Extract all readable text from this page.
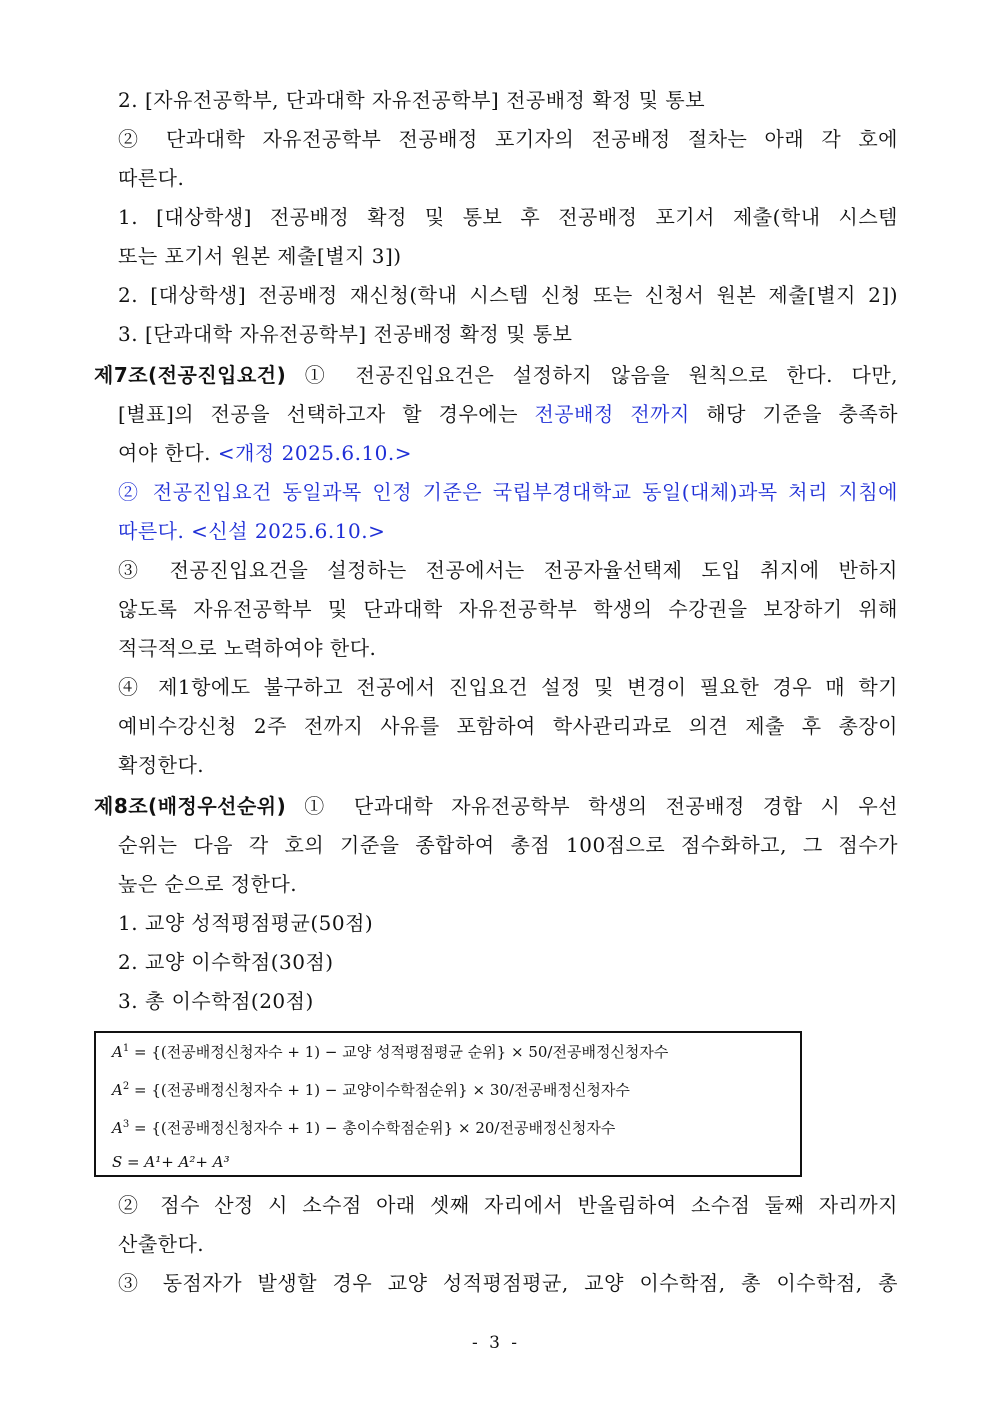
2. [자유전공학부, 단과대학 자유전공학부] 전공배정 확정 및 통보
② 단과대학 자유전공학부 전공배정 포기자의 전공배정 절차는 아래 각 호에
따른다.
1. [대상학생] 전공배정 확정 및 통보 후 전공배정 포기서 제출(학내 시스템
또는 포기서 원본 제출[별지 3])
2. [대상학생] 전공배정 재신청(학내 시스템 신청 또는 신청서 원본 제출[별지 2])
3. [단과대학 자유전공학부] 전공배정 확정 및 통보
제7조(전공진입요건) ① 전공진입요건은 설정하지 않음을 원칙으로 한다. 다만,
[별표]의 전공을 선택하고자 할 경우에는 전공배정 전까지 해당 기준을 충족하
여야 한다. <개정 2025.6.10.>
② 전공진입요건 동일과목 인정 기준은 국립부경대학교 동일(대체)과목 처리 지침에
따른다. <신설 2025.6.10.>
③ 전공진입요건을 설정하는 전공에서는 전공자율선택제 도입 취지에 반하지
않도록 자유전공학부 및 단과대학 자유전공학부 학생의 수강권을 보장하기 위해
적극적으로 노력하여야 한다.
④ 제1항에도 불구하고 전공에서 진입요건 설정 및 변경이 필요한 경우 매 학기
예비수강신청 2주 전까지 사유를 포함하여 학사관리과로 의견 제출 후 총장이
확정한다.
제8조(배정우선순위) ① 단과대학 자유전공학부 학생의 전공배정 경합 시 우선
순위는 다음 각 호의 기준을 종합하여 총점 100점으로 점수화하고, 그 점수가
높은 순으로 정한다.
1. 교양 성적평점평균(50점)
2. 교양 이수학점(30점)
3. 총 이수학점(20점)
$A^1$ = {(전공배정신청자수 + 1) − 교양 성적평점평균 순위} × 50/전공배정신청자수
$A^2$ = {(전공배정신청자수 + 1) − 교양이수학점순위} × 30/전공배정신청자수
$A^3$ = {(전공배정신청자수 + 1) − 총이수학점순위} × 20/전공배정신청자수
S = A¹+ A²+ A³
② 점수 산정 시 소수점 아래 셋째 자리에서 반올림하여 소수점 둘째 자리까지
산출한다.
③ 동점자가 발생할 경우 교양 성적평점평균, 교양 이수학점, 총 이수학점, 총
- 3 -
